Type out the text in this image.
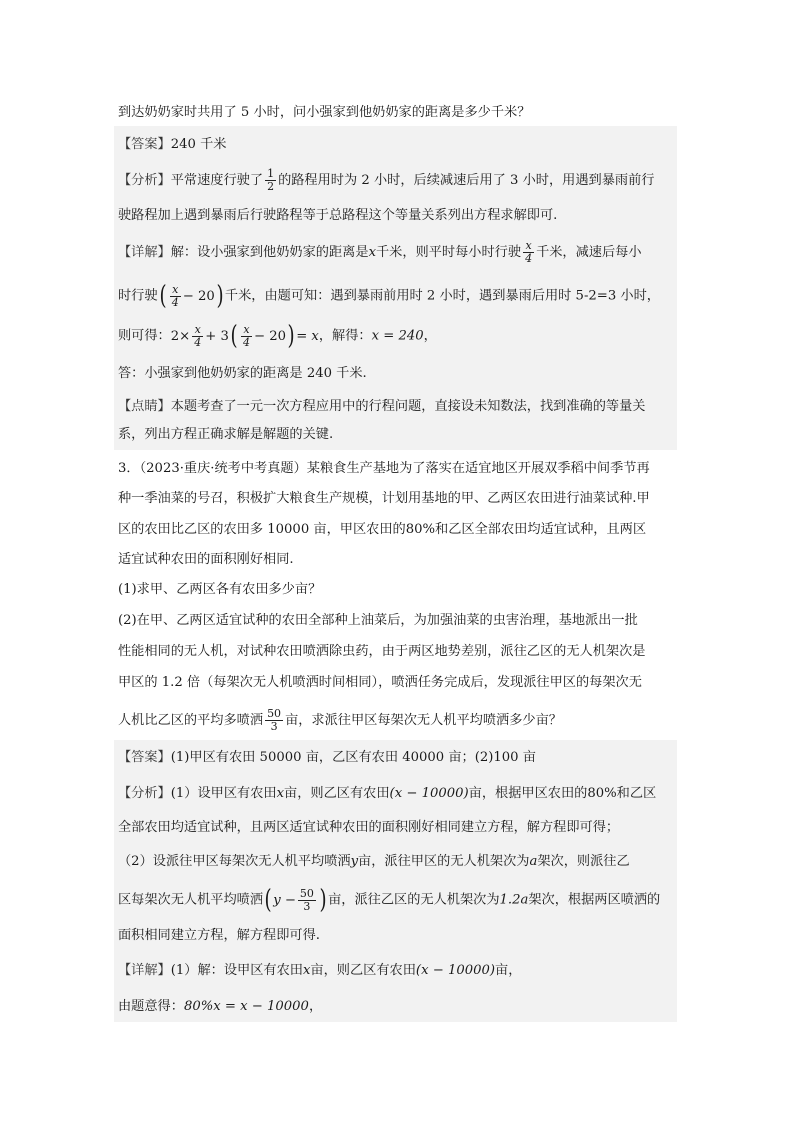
到达奶奶家时共用了 5 小时，问小强家到他奶奶家的距离是多少千米？
【答案】240 千米
【分析】平常速度行驶了 $\frac{1}{2}$ 的路程用时为 2 小时，后续减速后用了 3 小时，用遇到暴雨前行
驶路程加上遇到暴雨后行驶路程等于总路程这个等量关系列出方程求解即可.
【详解】解：设小强家到他奶奶家的距离是x千米，则平时每小时行驶 $\frac{x}{4}$ 千米，减速后每小
时行驶( $\frac{x}{4} - 20$) 千米，由题可知：遇到暴雨前用时 2 小时，遇到暴雨后用时 5-2=3 小时，
则可得：$2\times \frac{x}{4} + 3( \frac{x}{4} - 20) = x$，解得：x = 240，
答：小强家到他奶奶家的距离是 240 千米.
【点睛】本题考查了一元一次方程应用中的行程问题，直接设未知数法，找到准确的等量关
系，列出方程正确求解是解题的关键.
3．（2023·重庆·统考中考真题）某粮食生产基地为了落实在适宜地区开展双季稻中间季节再
种一季油菜的号召，积极扩大粮食生产规模，计划用基地的甲、乙两区农田进行油菜试种.甲
区的农田比乙区的农田多 10000 亩，甲区农田的80%和乙区全部农田均适宜试种，且两区
适宜试种农田的面积刚好相同.
(1)求甲、乙两区各有农田多少亩？
(2)在甲、乙两区适宜试种的农田全部种上油菜后，为加强油菜的虫害治理，基地派出一批
性能相同的无人机，对试种农田喷洒除虫药，由于两区地势差别，派往乙区的无人机架次是
甲区的 1.2 倍（每架次无人机喷洒时间相同），喷洒任务完成后，发现派往甲区的每架次无
人机比乙区的平均多喷洒 $\frac{50}{3}$ 亩，求派往甲区每架次无人机平均喷洒多少亩？
【答案】(1)甲区有农田 50000 亩，乙区有农田 40000 亩；(2)100 亩
【分析】(1）设甲区有农田x亩，则乙区有农田(x − 10000)亩，根据甲区农田的80%和乙区
全部农田均适宜试种，且两区适宜试种农田的面积刚好相同建立方程，解方程即可得；
（2）设派往甲区每架次无人机平均喷洒y亩，派往甲区的无人机架次为a架次，则派往乙
区每架次无人机平均喷洒( $y - \frac{50}{3}$ ) 亩，派往乙区的无人机架次为1.2a架次，根据两区喷洒的
面积相同建立方程，解方程即可得.
【详解】(1）解：设甲区有农田x亩，则乙区有农田(x − 10000)亩，
由题意得：80%x = x − 10000，
